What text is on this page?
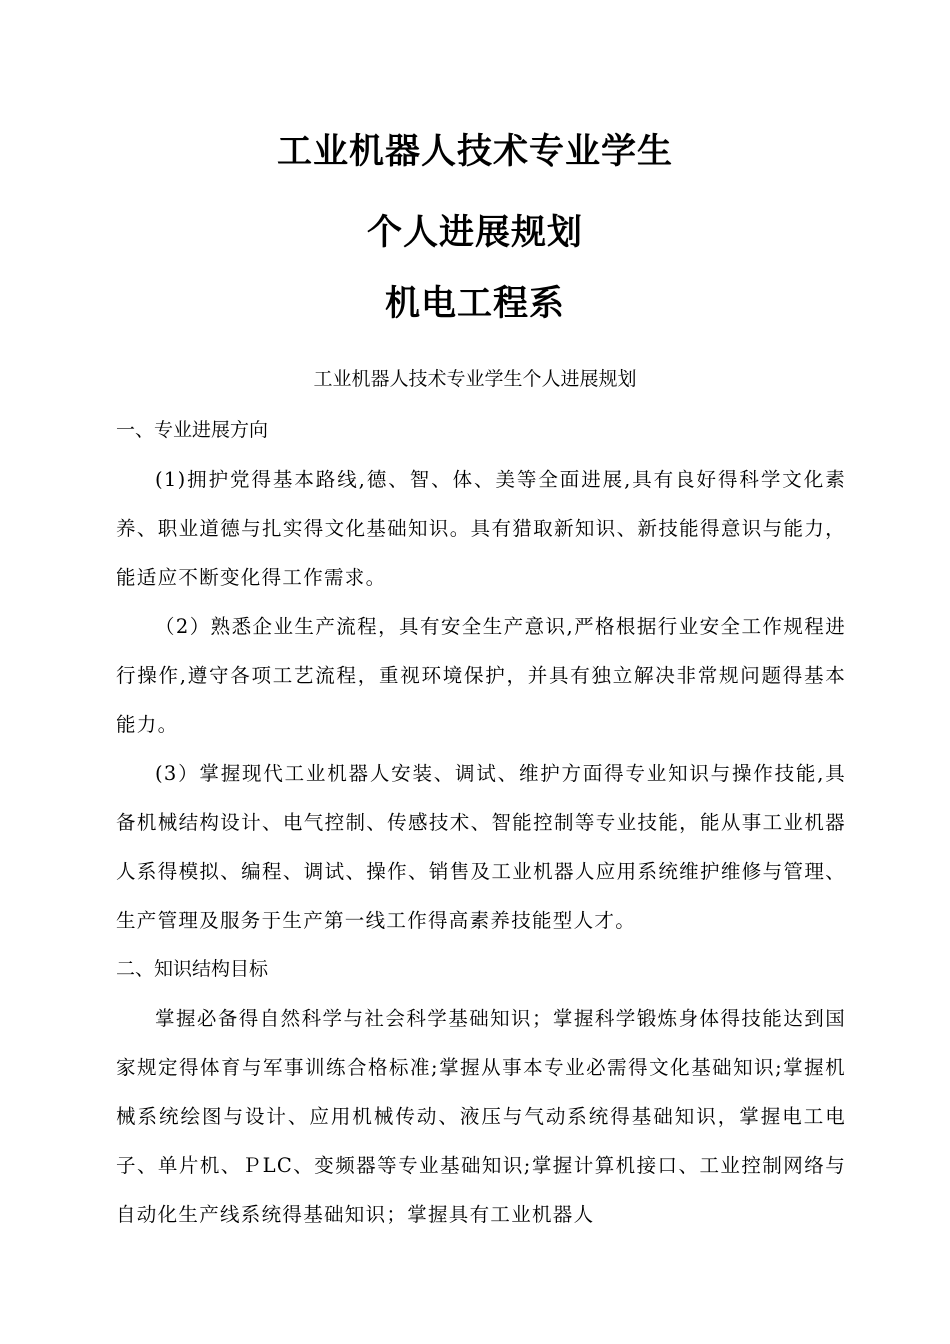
工业机器人技术专业学生
个人进展规划
机电工程系

工业机器人技术专业学生个人进展规划

一、专业进展方向

(1)拥护党得基本路线,德、智、体、美等全面进展,具有良好得科学文化素养、职业道德与扎实得文化基础知识。具有猎取新知识、新技能得意识与能力，能适应不断变化得工作需求。

（2）熟悉企业生产流程，具有安全生产意识,严格根据行业安全工作规程进行操作,遵守各项工艺流程，重视环境保护，并具有独立解决非常规问题得基本能力。

(3）掌握现代工业机器人安装、调试、维护方面得专业知识与操作技能,具备机械结构设计、电气控制、传感技术、智能控制等专业技能，能从事工业机器人系得模拟、编程、调试、操作、销售及工业机器人应用系统维护维修与管理、生产管理及服务于生产第一线工作得高素养技能型人才。

二、知识结构目标

掌握必备得自然科学与社会科学基础知识；掌握科学锻炼身体得技能达到国家规定得体育与军事训练合格标准;掌握从事本专业必需得文化基础知识;掌握机械系统绘图与设计、应用机械传动、液压与气动系统得基础知识，掌握电工电子、单片机、ＰLC、变频器等专业基础知识;掌握计算机接口、工业控制网络与自动化生产线系统得基础知识；掌握具有工业机器人
